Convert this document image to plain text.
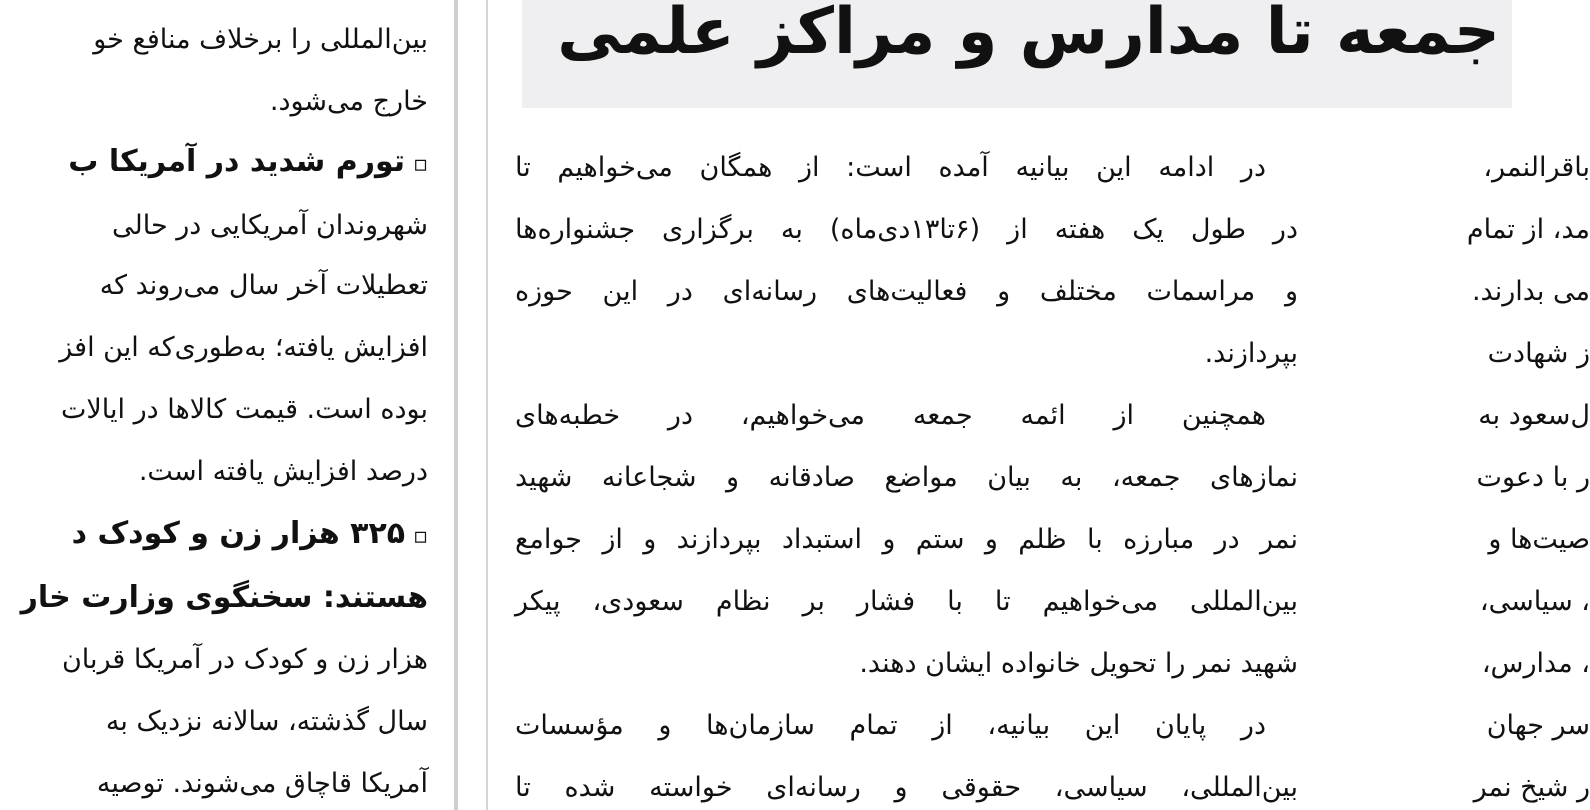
جمعه تا مدارس و مراکز علمی
بین‌المللی را برخلاف منافع خو
خارج می‌شود.
▫تورم شدید در آمریکا ب
شهروندان آمریکایی در حالی
تعطیلات آخر سال می‌روند که
افزایش یافته؛ به‌طوری‌که این افز
بوده است. قیمت کالاها در ایالات
درصد افزایش یافته است.
▫۳۲۵ هزار زن و کودک د
هستند: سخنگوی وزارت خار
هزار زن و کودک در آمریکا قربان
سال گذشته، سالانه نزدیک به
آمریکا قاچاق می‌شوند. توصیه
در ادامه این بیانیه آمده است: از همگان می‌خواهیم تا
در طول یک هفته از (۶تا۱۳دی‌ماه) به برگزاری جشنواره‌ها
و مراسمات مختلف و فعالیت‌های رسانه‌ای در این حوزه
بپردازند.
همچنین از ائمه جمعه می‌خواهیم، در خطبه‌های
نمازهای جمعه، به بیان مواضع صادقانه و شجاعانه شهید
نمر در مبارزه با ظلم و ستم و استبداد بپردازند و از جوامع
بین‌المللی می‌خواهیم تا با فشار بر نظام سعودی، پیکر
شهید نمر را تحویل خانواده ایشان دهند.
در پایان این بیانیه، از تمام سازمان‌ها و مؤسسات
بین‌المللی، سیاسی، حقوقی و رسانه‌ای خواسته شده تا
باقرالنمر،
مد، از تمام
می بدارند.
ز شهادت
ل‌سعود به
ر با دعوت
صیت‌ها و
، سیاسی،
، مدارس،
سر جهان
ر شیخ نمر
